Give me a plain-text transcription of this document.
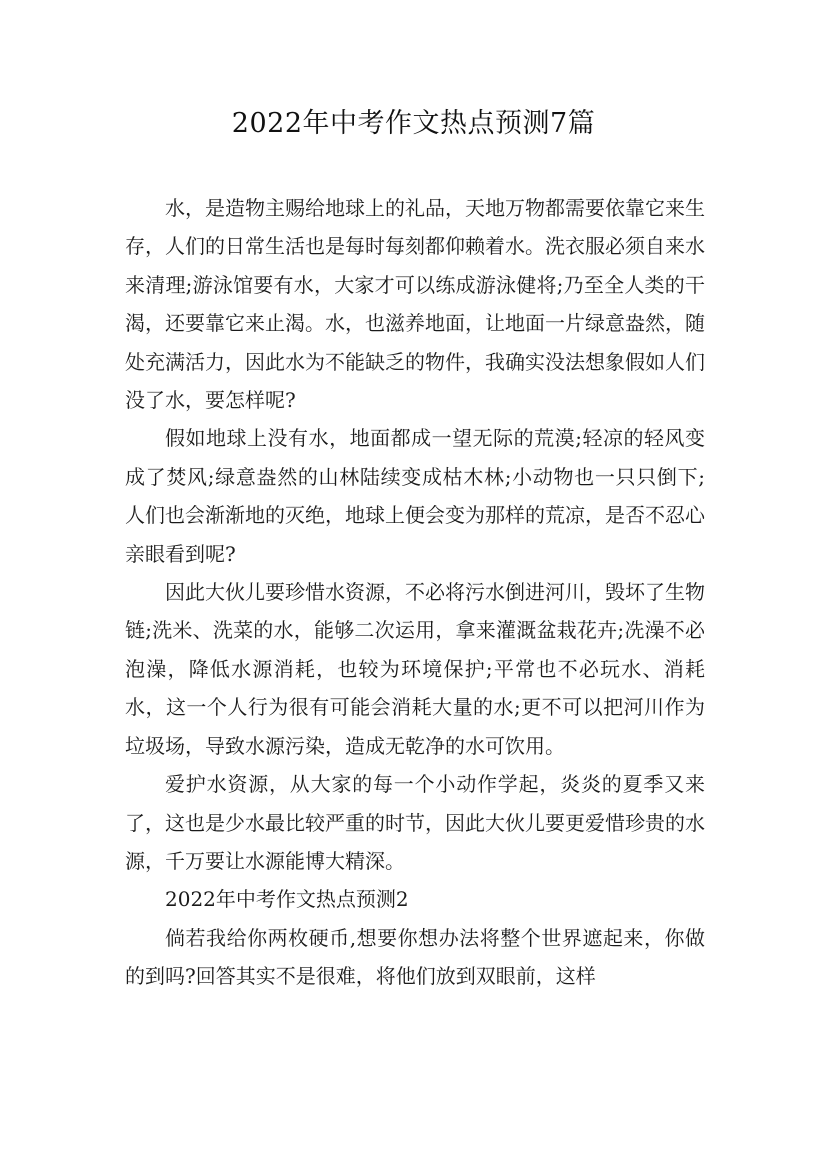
2022年中考作文热点预测7篇

水，是造物主赐给地球上的礼品，天地万物都需要依靠它来生存，人们的日常生活也是每时每刻都仰赖着水。洗衣服必须自来水来清理;游泳馆要有水，大家才可以练成游泳健将;乃至全人类的干渴，还要靠它来止渴。水，也滋养地面，让地面一片绿意盎然，随处充满活力，因此水为不能缺乏的物件，我确实没法想象假如人们没了水，要怎样呢?

假如地球上没有水，地面都成一望无际的荒漠;轻凉的轻风变成了焚风;绿意盎然的山林陆续变成枯木林;小动物也一只只倒下;人们也会渐渐地的灭绝，地球上便会变为那样的荒凉，是否不忍心亲眼看到呢?

因此大伙儿要珍惜水资源，不必将污水倒进河川，毁坏了生物链;洗米、洗菜的水，能够二次运用，拿来灌溉盆栽花卉;冼澡不必泡澡，降低水源消耗，也较为环境保护;平常也不必玩水、消耗水，这一个人行为很有可能会消耗大量的水;更不可以把河川作为垃圾场，导致水源污染，造成无乾净的水可饮用。

爱护水资源，从大家的每一个小动作学起，炎炎的夏季又来了，这也是少水最比较严重的时节，因此大伙儿要更爱惜珍贵的水源，千万要让水源能博大精深。

2022年中考作文热点预测2

倘若我给你两枚硬币,想要你想办法将整个世界遮起来，你做的到吗?回答其实不是很难，将他们放到双眼前，这样
